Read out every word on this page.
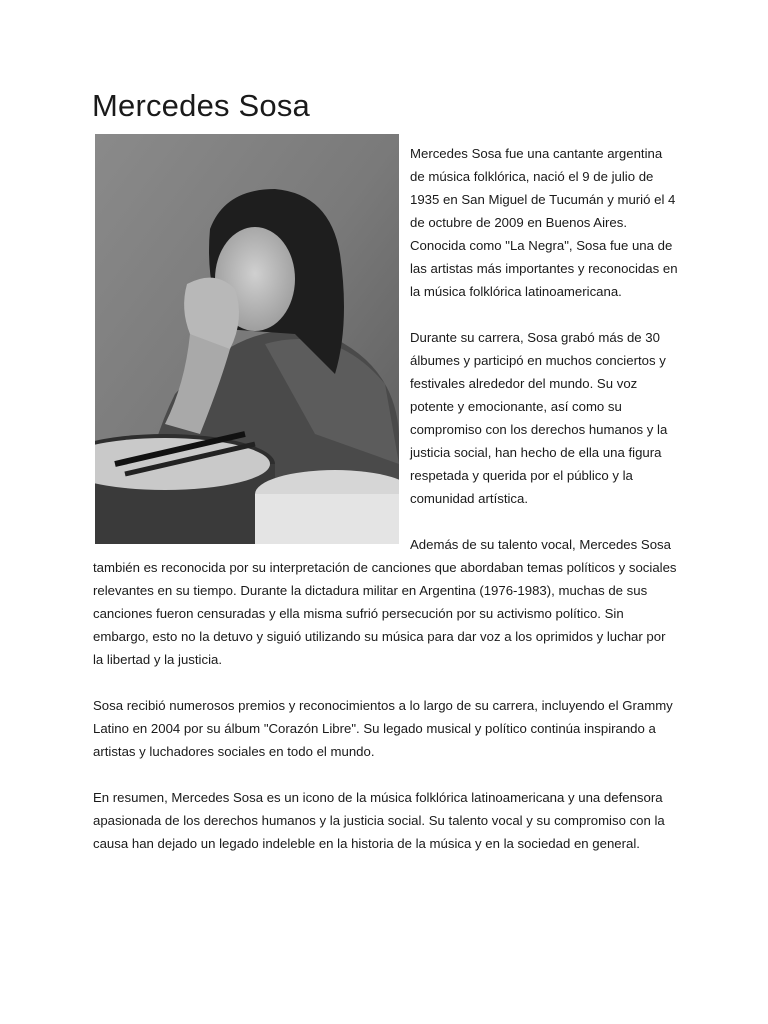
Mercedes Sosa

Mercedes Sosa fue una cantante argentina de música folklórica, nació el 9 de julio de 1935 en San Miguel de Tucumán y murió el 4 de octubre de 2009 en Buenos Aires. Conocida como "La Negra", Sosa fue una de las artistas más importantes y reconocidas en la música folklórica latinoamericana.

Durante su carrera, Sosa grabó más de 30 álbumes y participó en muchos conciertos y festivales alrededor del mundo. Su voz potente y emocionante, así como su compromiso con los derechos humanos y la justicia social, han hecho de ella una figura respetada y querida por el público y la comunidad artística.

Además de su talento vocal, Mercedes Sosa también es reconocida por su interpretación de canciones que abordaban temas políticos y sociales relevantes en su tiempo. Durante la dictadura militar en Argentina (1976-1983), muchas de sus canciones fueron censuradas y ella misma sufrió persecución por su activismo político. Sin embargo, esto no la detuvo y siguió utilizando su música para dar voz a los oprimidos y luchar por la libertad y la justicia.

Sosa recibió numerosos premios y reconocimientos a lo largo de su carrera, incluyendo el Grammy Latino en 2004 por su álbum "Corazón Libre". Su legado musical y político continúa inspirando a artistas y luchadores sociales en todo el mundo.

En resumen, Mercedes Sosa es un icono de la música folklórica latinoamericana y una defensora apasionada de los derechos humanos y la justicia social. Su talento vocal y su compromiso con la causa han dejado un legado indeleble en la historia de la música y en la sociedad en general.
